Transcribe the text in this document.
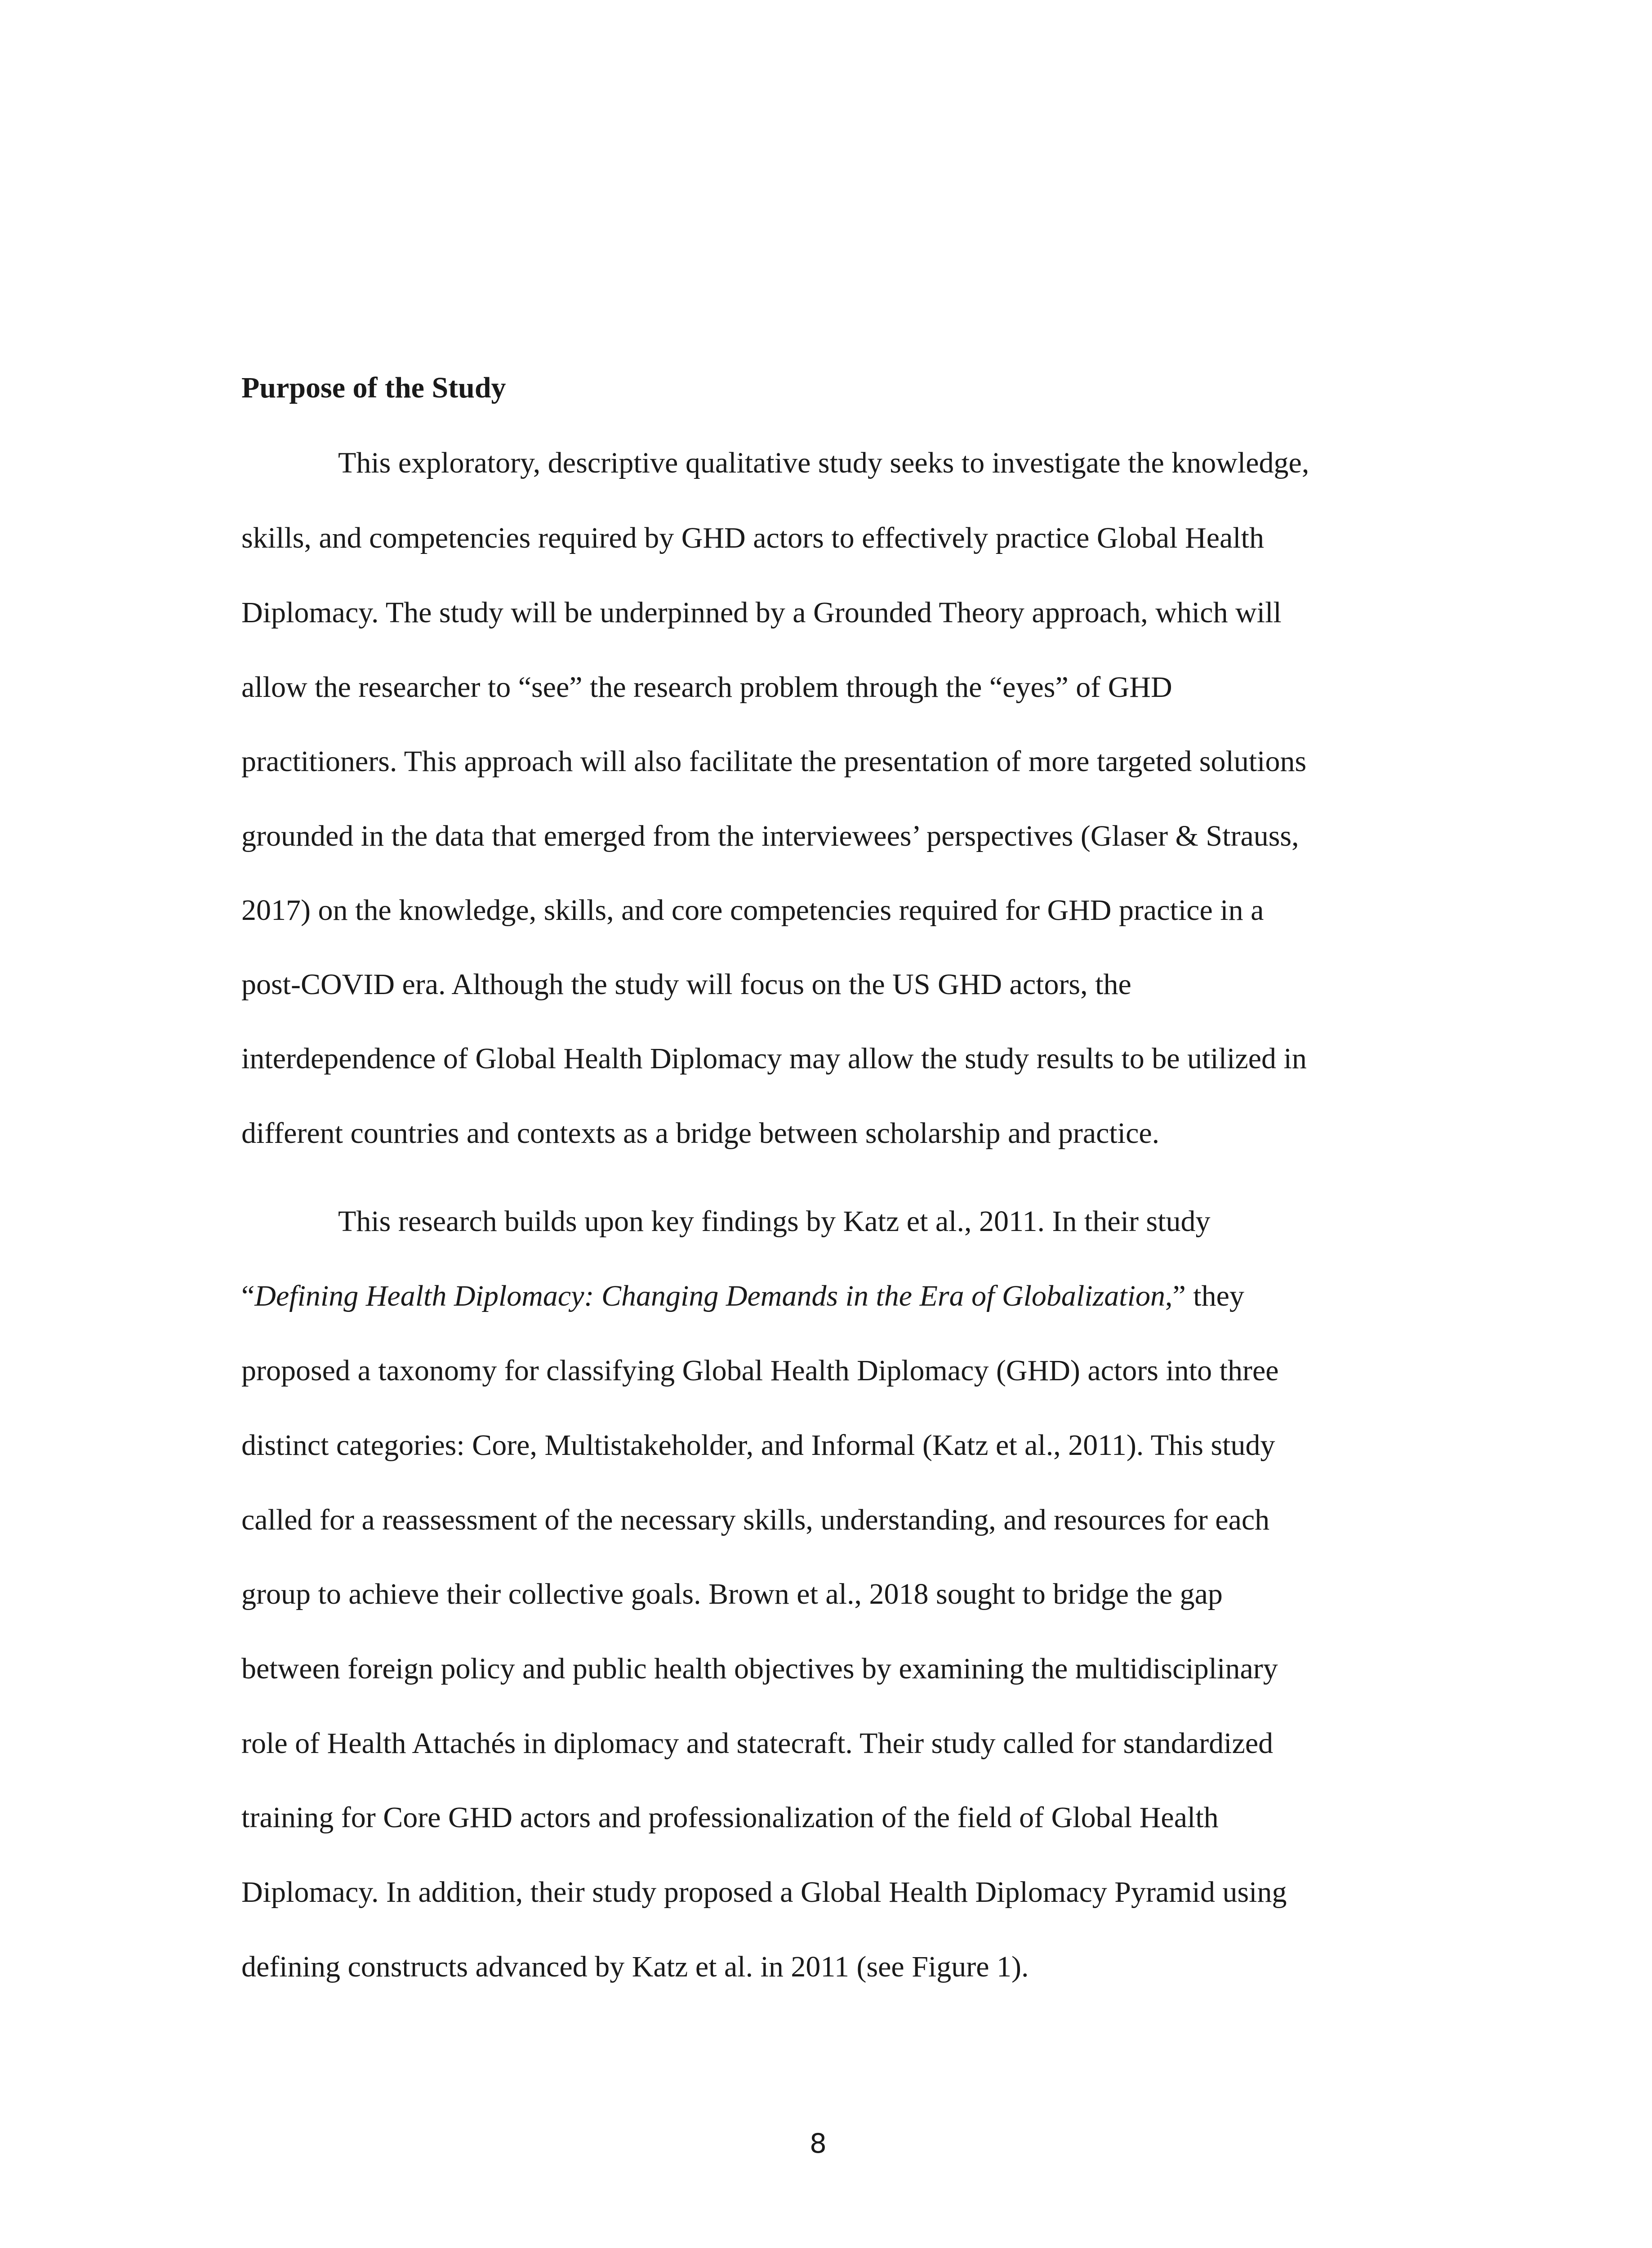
Purpose of the Study
This exploratory, descriptive qualitative study seeks to investigate the knowledge,
skills, and competencies required by GHD actors to effectively practice Global Health
Diplomacy. The study will be underpinned by a Grounded Theory approach, which will
allow the researcher to “see” the research problem through the “eyes” of GHD
practitioners. This approach will also facilitate the presentation of more targeted solutions
grounded in the data that emerged from the interviewees’ perspectives (Glaser & Strauss,
2017) on the knowledge, skills, and core competencies required for GHD practice in a
post-COVID era. Although the study will focus on the US GHD actors, the
interdependence of Global Health Diplomacy may allow the study results to be utilized in
different countries and contexts as a bridge between scholarship and practice.
This research builds upon key findings by Katz et al., 2011. In their study
“Defining Health Diplomacy: Changing Demands in the Era of Globalization,” they
proposed a taxonomy for classifying Global Health Diplomacy (GHD) actors into three
distinct categories: Core, Multistakeholder, and Informal (Katz et al., 2011). This study
called for a reassessment of the necessary skills, understanding, and resources for each
group to achieve their collective goals. Brown et al., 2018 sought to bridge the gap
between foreign policy and public health objectives by examining the multidisciplinary
role of Health Attachés in diplomacy and statecraft. Their study called for standardized
training for Core GHD actors and professionalization of the field of Global Health
Diplomacy. In addition, their study proposed a Global Health Diplomacy Pyramid using
defining constructs advanced by Katz et al. in 2011 (see Figure 1).
8
